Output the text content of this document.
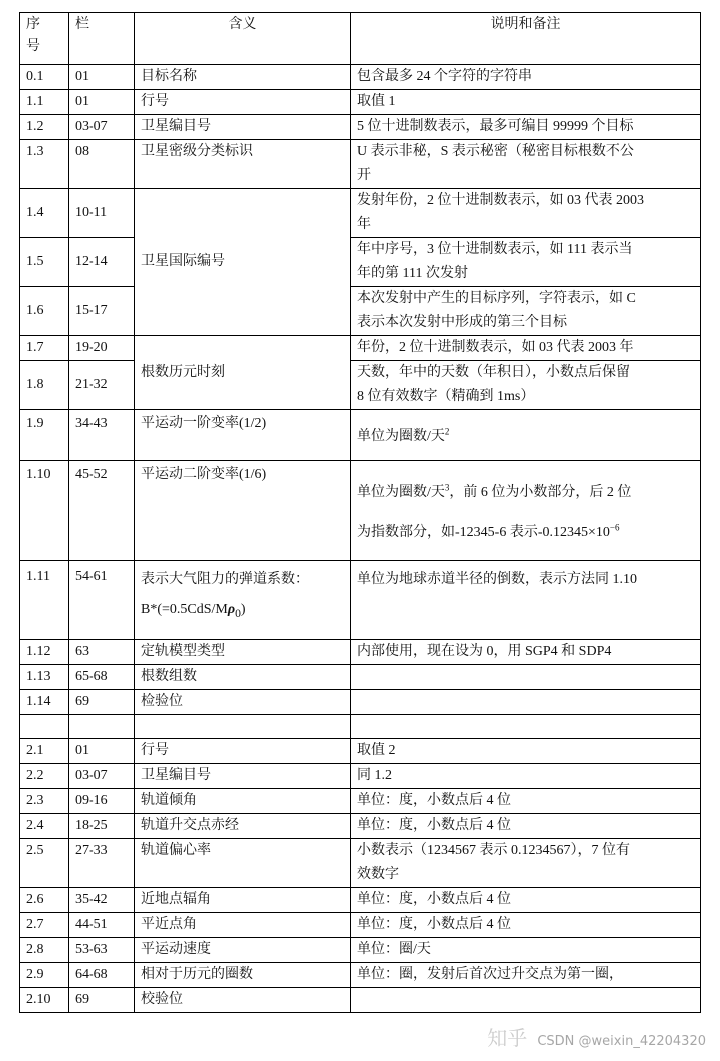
序
号	栏	含义	说明和备注
0.1	01	目标名称	包含最多 24 个字符的字符串
1.1	01	行号	取值 1
1.2	03-07	卫星编目号	5 位十进制数表示，最多可编目 99999 个目标
1.3	08	卫星密级分类标识	U 表示非秘，S 表示秘密（秘密目标根数不公
开

1.4	10-11	卫星国际编号	发射年份，2 位十进制数表示，如 03 代表 2003
年

1.5	12-14		年中序号，3 位十进制数表示，如 111 表示当
年的第 111 次发射

1.6	15-17		本次发射中产生的目标序列，字符表示，如 C
表示本次发射中形成的第三个目标

1.7	19-20	根数历元时刻	年份，2 位十进制数表示，如 03 代表 2003 年
1.8	21-32		天数，年中的天数（年积日），小数点后保留
8 位有效数字（精确到 1ms）

1.9	34-43	平运动一阶变率(1/2)	单位为圈数/天$^2$
1.10	45-52	平运动二阶变率(1/6)	单位为圈数/天$^3$，前 6 位为小数部分，后 2 位
为指数部分，如-12345-6 表示$-0.12345\times 10^{-6}$

1.11	54-61	表示大气阻力的弹道系数：
$B*(=0.5CdS/M\rho_0)$	单位为地球赤道半径的倒数，表示方法同 1.10
1.12	63	定轨模型类型	内部使用，现在设为 0，用 SGP4 和 SDP4
1.13	65-68	根数组数	
1.14	69	检验位	

2.1	01	行号	取值 2
2.2	03-07	卫星编目号	同 1.2
2.3	09-16	轨道倾角	单位：度，小数点后 4 位
2.4	18-25	轨道升交点赤经	单位：度，小数点后 4 位
2.5	27-33	轨道偏心率	小数表示（1234567 表示 0.1234567），7 位有
效数字

2.6	35-42	近地点辐角	单位：度，小数点后 4 位
2.7	44-51	平近点角	单位：度，小数点后 4 位
2.8	53-63	平运动速度	单位：圈/天
2.9	64-68	相对于历元的圈数	单位：圈，发射后首次过升交点为第一圈，
2.10	69	校验位	
知乎 CSDN @weixin_42204320
